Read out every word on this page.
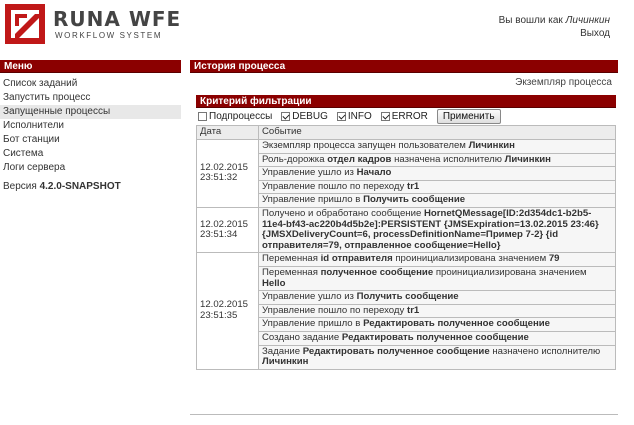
RUNA WFE
WORKFLOW SYSTEM
Вы вошли как Личинкин
Выход
Меню
Список заданий
Запустить процесс
Запущенные процессы
Исполнители
Бот станции
Система
Логи сервера
Версия 4.2.0-SNAPSHOT
История процесса
Экземпляр процесса
Критерий фильтрации
Подпроцессы DEBUG INFO ERROR	Применить
Дата	Событие
12.02.2015 23:51:32	Экземпляр процесса запущен пользователем Личинкин
	Роль-дорожка отдел кадров назначена исполнителю Личинкин
	Управление ушло из Начало
	Управление пошло по переходу tr1
	Управление пришло в Получить сообщение
12.02.2015 23:51:34	Получено и обработано сообщение HornetQMessage[ID:2d354dc1-b2b5-11e4-bf43-ac220b4d5b2e]:PERSISTENT {JMSExpiration=13.02.2015 23:46} {JMSXDeliveryCount=6, processDefinitionName=Пример 7-2} {id отправителя=79, отправленное сообщение=Hello}
12.02.2015 23:51:35	Переменная id отправителя проинициализирована значением 79
	Переменная полученное сообщение проинициализирована значением Hello
	Управление ушло из Получить сообщение
	Управление пошло по переходу tr1
	Управление пришло в Редактировать полученное сообщение
	Создано задание Редактировать полученное сообщение
	Задание Редактировать полученное сообщение назначено исполнителю Личинкин
